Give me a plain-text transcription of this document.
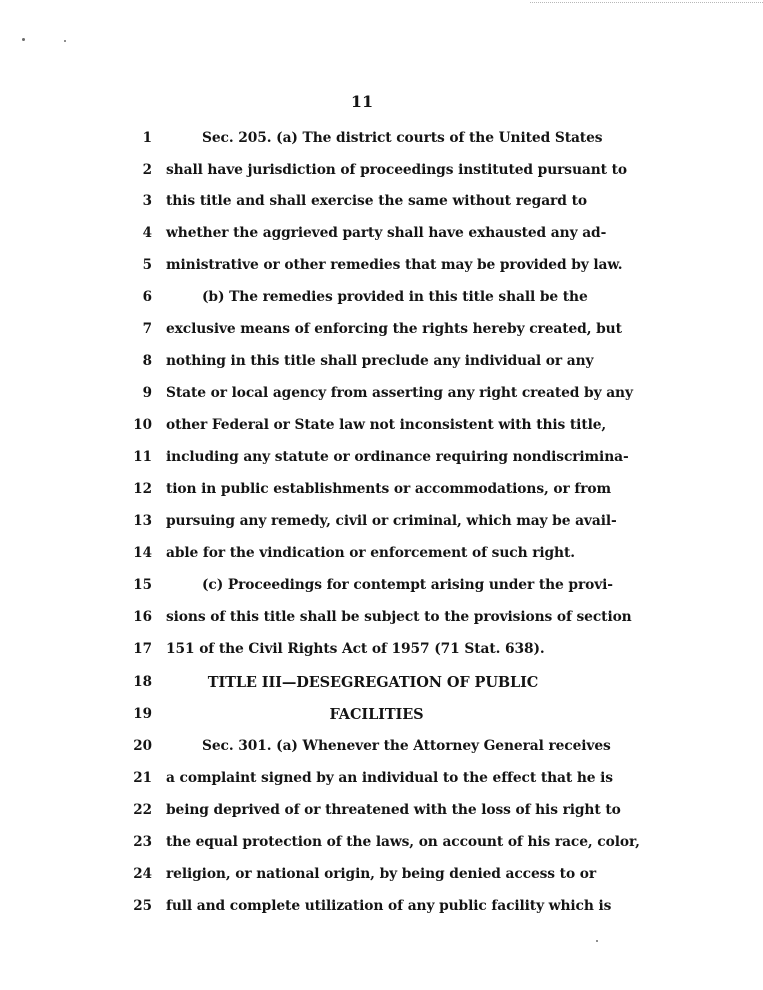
11
1	Sec. 205. (a) The district courts of the United States
2 shall have jurisdiction of proceedings instituted pursuant to
3 this title and shall exercise the same without regard to
4 whether the aggrieved party shall have exhausted any ad-
5 ministrative or other remedies that may be provided by law.
6	(b) The remedies provided in this title shall be the
7 exclusive means of enforcing the rights hereby created, but
8 nothing in this title shall preclude any individual or any
9 State or local agency from asserting any right created by any
10 other Federal or State law not inconsistent with this title,
11 including any statute or ordinance requiring nondiscrimina-
12 tion in public establishments or accommodations, or from
13 pursuing any remedy, civil or criminal, which may be avail-
14 able for the vindication or enforcement of such right.
15	(c) Proceedings for contempt arising under the provi-
16 sions of this title shall be subject to the provisions of section
17 151 of the Civil Rights Act of 1957 (71 Stat. 638).
18	TITLE III—DESEGREGATION OF PUBLIC
19	FACILITIES
20	Sec. 301. (a) Whenever the Attorney General receives
21 a complaint signed by an individual to the effect that he is
22 being deprived of or threatened with the loss of his right to
23 the equal protection of the laws, on account of his race, color,
24 religion, or national origin, by being denied access to or
25 full and complete utilization of any public facility which is
